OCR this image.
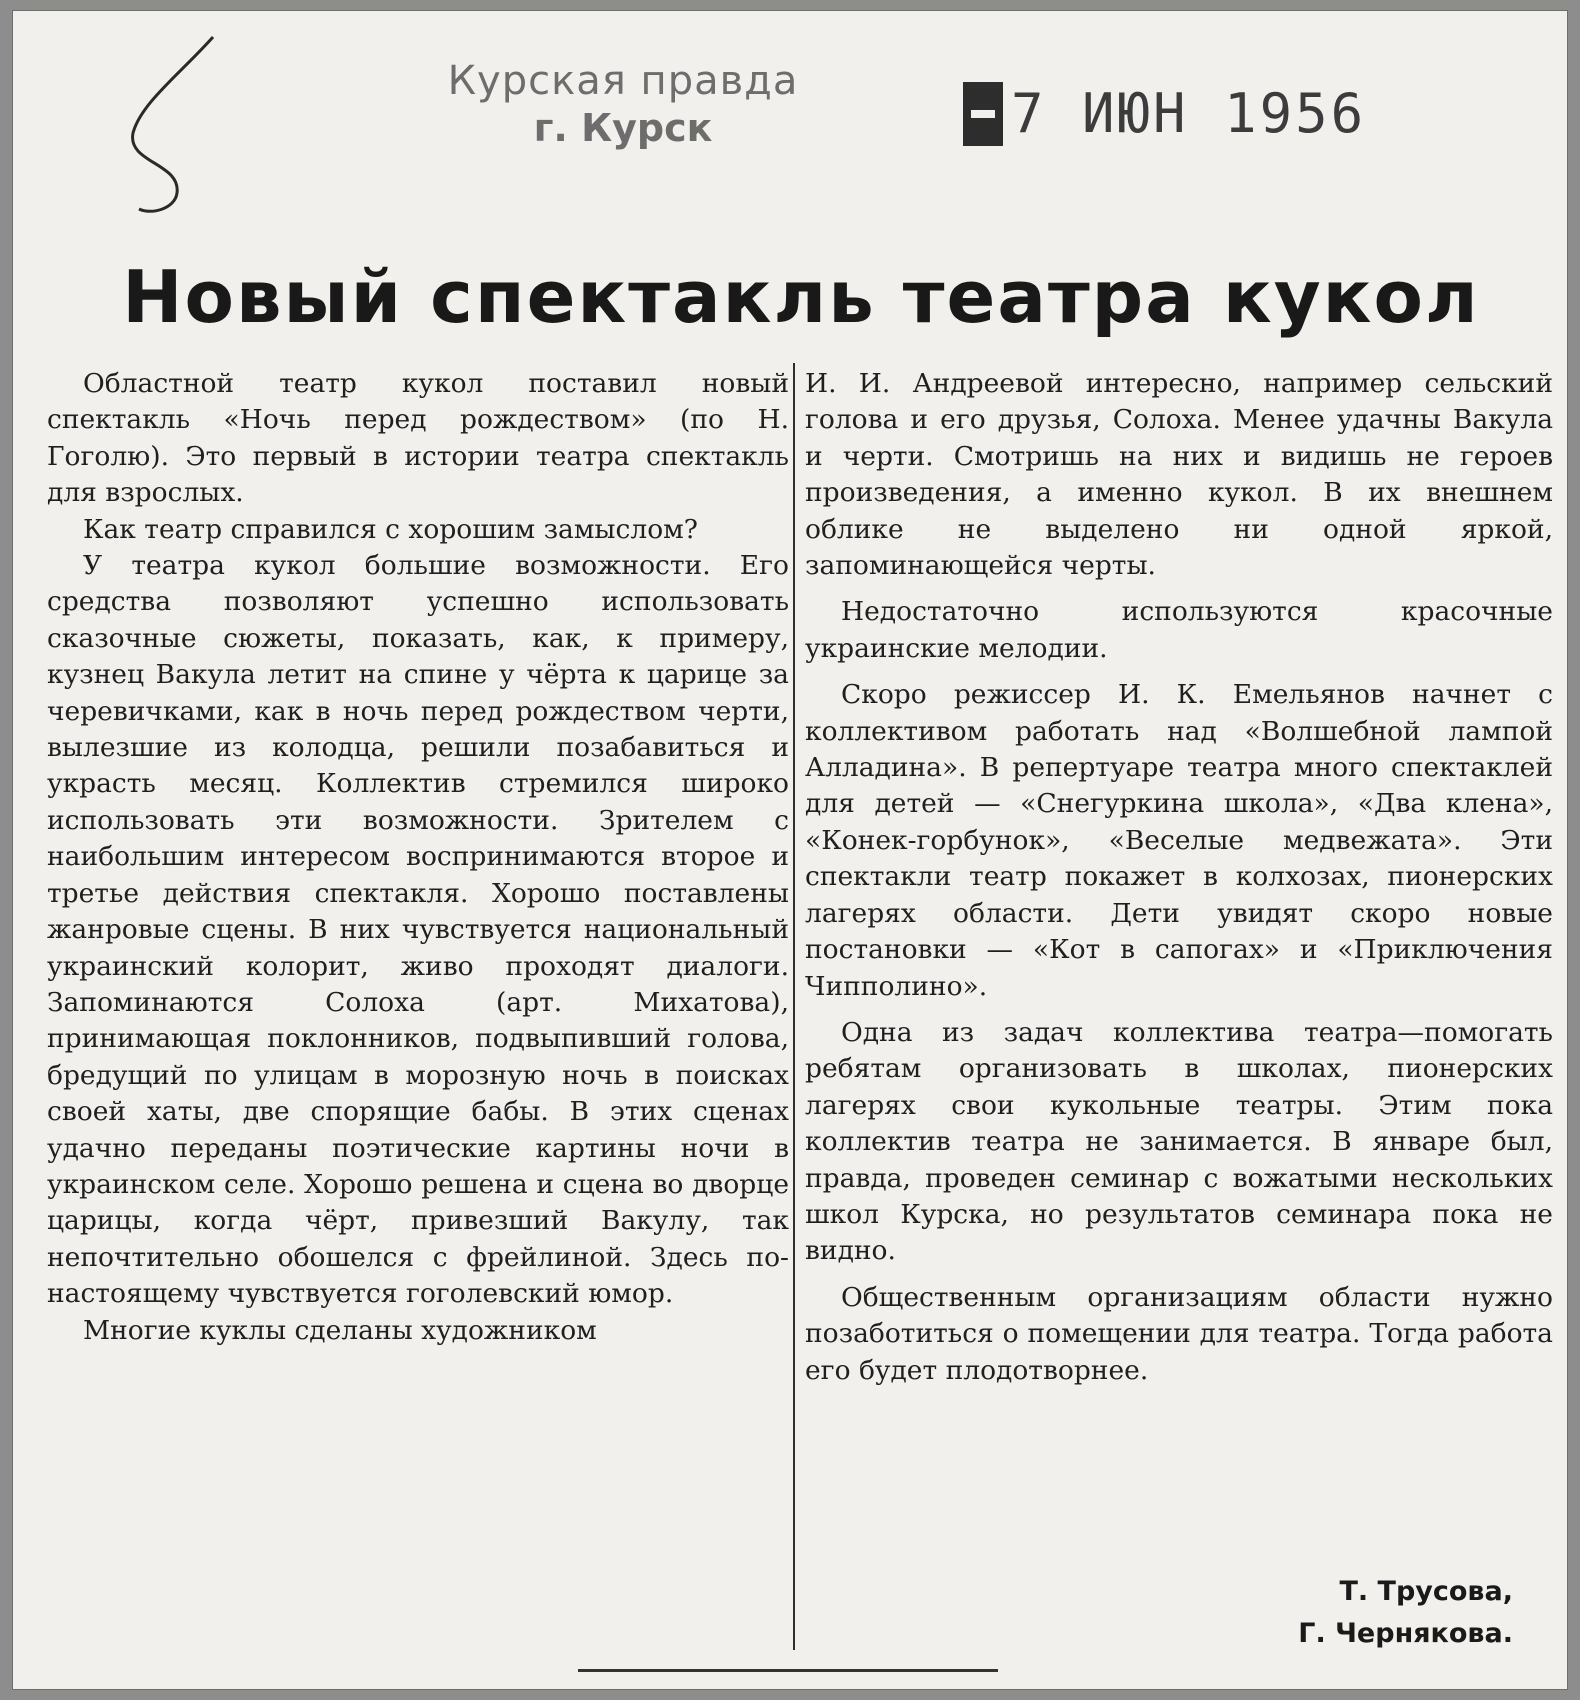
Курская правда
г. Курск	7 ИЮН 1956
Новый спектакль театра кукол

Областной театр кукол поставил новый спектакль «Ночь перед рождеством» (по Н. Гоголю). Это первый в истории театра спектакль для взрослых.

Как театр справился с хорошим замыслом?

У театра кукол большие возможности. Его средства позволяют успешно использовать сказочные сюжеты, показать, как, к примеру, кузнец Вакула летит на спине у чёрта к царице за черевичками, как в ночь перед рождеством черти, вылезшие из колодца, решили позабавиться и украсть месяц. Коллектив стремился широко использовать эти возможности. Зрителем с наибольшим интересом воспринимаются второе и третье действия спектакля. Хорошо поставлены жанровые сцены. В них чувствуется национальный украинский колорит, живо проходят диалоги. Запоминаются Солоха (арт. Михатова), принимающая поклонников, подвыпивший голова, бредущий по улицам в морозную ночь в поисках своей хаты, две спорящие бабы. В этих сценах удачно переданы поэтические картины ночи в украинском селе. Хорошо решена и сцена во дворце царицы, когда чёрт, привезший Вакулу, так непочтительно обошелся с фрейлиной. Здесь по-настоящему чувствуется гоголевский юмор.

Многие куклы сделаны художником

И. И. Андреевой интересно, например сельский голова и его друзья, Солоха. Менее удачны Вакула и черти. Смотришь на них и видишь не героев произведения, а именно кукол. В их внешнем облике не выделено ни одной яркой, запоминающейся черты.

Недостаточно используются красочные украинские мелодии.

Скоро режиссер И. К. Емельянов начнет с коллективом работать над «Волшебной лампой Алладина». В репертуаре театра много спектаклей для детей — «Снегуркина школа», «Два клена», «Конек-горбунок», «Веселые медвежата». Эти спектакли театр покажет в колхозах, пионерских лагерях области. Дети увидят скоро новые постановки — «Кот в сапогах» и «Приключения Чипполино».

Одна из задач коллектива театра—помогать ребятам организовать в школах, пионерских лагерях свои кукольные театры. Этим пока коллектив театра не занимается. В январе был, правда, проведен семинар с вожатыми нескольких школ Курска, но результатов семинара пока не видно.

Общественным организациям области нужно позаботиться о помещении для театра. Тогда работа его будет плодотворнее.

Т. Трусова,
Г. Чернякова.
